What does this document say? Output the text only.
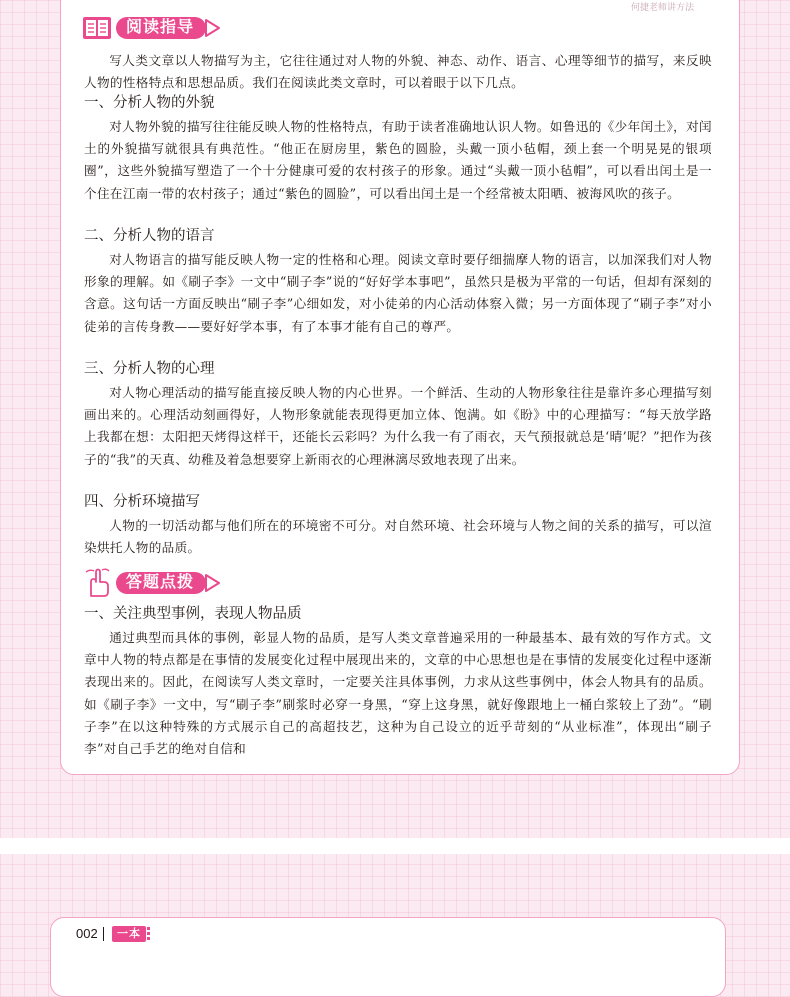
何捷老师讲方法
阅读指导

写人类文章以人物描写为主，它往往通过对人物的外貌、神态、动作、语言、心理等细节的描写，来反映人物的性格特点和思想品质。我们在阅读此类文章时，可以着眼于以下几点。

一、分析人物的外貌

对人物外貌的描写往往能反映人物的性格特点，有助于读者准确地认识人物。如鲁迅的《少年闰土》，对闰土的外貌描写就很具有典范性。“他正在厨房里，紫色的圆脸，头戴一顶小毡帽，颈上套一个明晃晃的银项圈”，这些外貌描写塑造了一个十分健康可爱的农村孩子的形象。通过“头戴一顶小毡帽”，可以看出闰土是一个住在江南一带的农村孩子；通过“紫色的圆脸”，可以看出闰土是一个经常被太阳晒、被海风吹的孩子。

二、分析人物的语言

对人物语言的描写能反映人物一定的性格和心理。阅读文章时要仔细揣摩人物的语言，以加深我们对人物形象的理解。如《刷子李》一文中“刷子李”说的“好好学本事吧”，虽然只是极为平常的一句话，但却有深刻的含意。这句话一方面反映出“刷子李”心细如发，对小徒弟的内心活动体察入微；另一方面体现了“刷子李”对小徒弟的言传身教——要好好学本事，有了本事才能有自己的尊严。

三、分析人物的心理

对人物心理活动的描写能直接反映人物的内心世界。一个鲜活、生动的人物形象往往是靠许多心理描写刻画出来的。心理活动刻画得好，人物形象就能表现得更加立体、饱满。如《盼》中的心理描写：“每天放学路上我都在想：太阳把天烤得这样干，还能长云彩吗？为什么我一有了雨衣，天气预报就总是‘晴’呢？”把作为孩子的“我”的天真、幼稚及着急想要穿上新雨衣的心理淋漓尽致地表现了出来。

四、分析环境描写

人物的一切活动都与他们所在的环境密不可分。对自然环境、社会环境与人物之间的关系的描写，可以渲染烘托人物的品质。

答题点拨
一、关注典型事例，表现人物品质

通过典型而具体的事例，彰显人物的品质，是写人类文章普遍采用的一种最基本、最有效的写作方式。文章中人物的特点都是在事情的发展变化过程中展现出来的，文章的中心思想也是在事情的发展变化过程中逐渐表现出来的。因此，在阅读写人类文章时，一定要关注具体事例，力求从这些事例中，体会人物具有的品质。如《刷子李》一文中，写“刷子李”刷浆时必穿一身黑，“穿上这身黑，就好像跟地上一桶白浆较上了劲”。“刷子李”在以这种特殊的方式展示自己的高超技艺，这种为自己设立的近乎苛刻的“从业标准”，体现出“刷子李”对自己手艺的绝对自信和

002	一本
